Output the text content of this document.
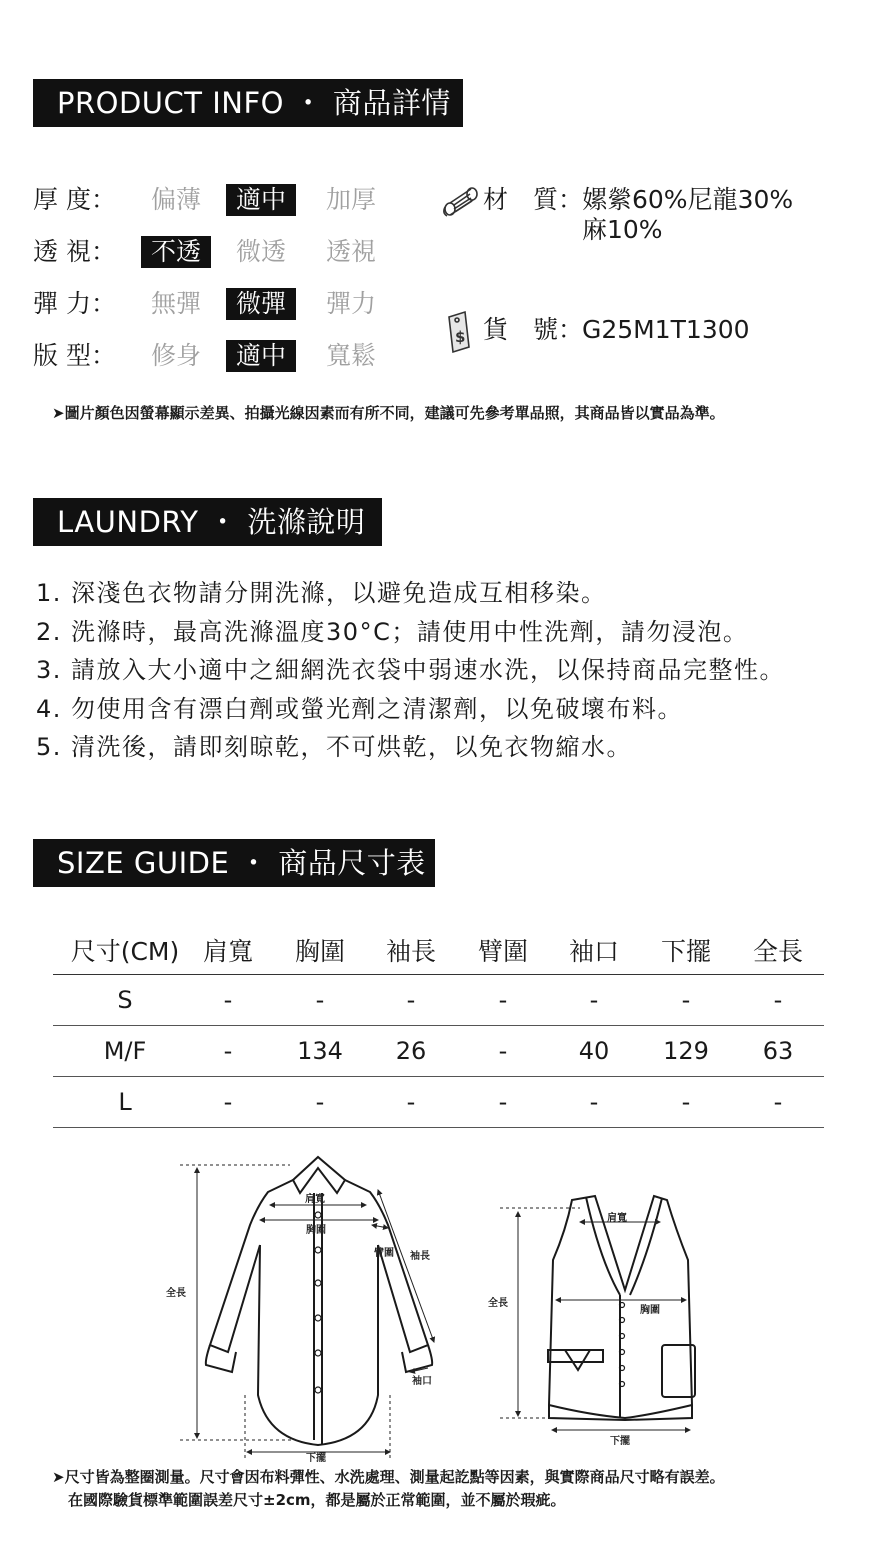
PRODUCT INFO ・ 商品詳情
厚 度：	偏薄	適中	加厚
透 視：	不透	微透	透視
彈 力：	無彈	微彈	彈力
版 型：	修身	適中	寬鬆
材　質：
嫘縈60%尼龍30%
麻10%
$ 貨　號：
G25M1T1300
➤圖片顏色因螢幕顯示差異、拍攝光線因素而有所不同，建議可先參考單品照，其商品皆以實品為準。
LAUNDRY ・ 洗滌說明
1. 深淺色衣物請分開洗滌，以避免造成互相移染。
2. 洗滌時，最高洗滌溫度30°C；請使用中性洗劑，請勿浸泡。
3. 請放入大小適中之細網洗衣袋中弱速水洗，以保持商品完整性。
4. 勿使用含有漂白劑或螢光劑之清潔劑，以免破壞布料。
5. 清洗後，請即刻晾乾，不可烘乾，以免衣物縮水。
SIZE GUIDE ・ 商品尺寸表
尺寸(CM) 肩寬	胸圍	袖長	臂圍	袖口	下擺	全長
S	-	-	-	-	-	-	-
M/F	-	134	26	-	40	129	63
L	-	-	-	-	-	-	-
肩寬
胸圍
臂圍 袖長
全長
袖口
下擺
肩寬
胸圍
全長
下擺
➤尺寸皆為整圈測量。尺寸會因布料彈性、水洗處理、測量起訖點等因素，與實際商品尺寸略有誤差。
在國際驗貨標準範圍誤差尺寸±2cm，都是屬於正常範圍，並不屬於瑕疵。
